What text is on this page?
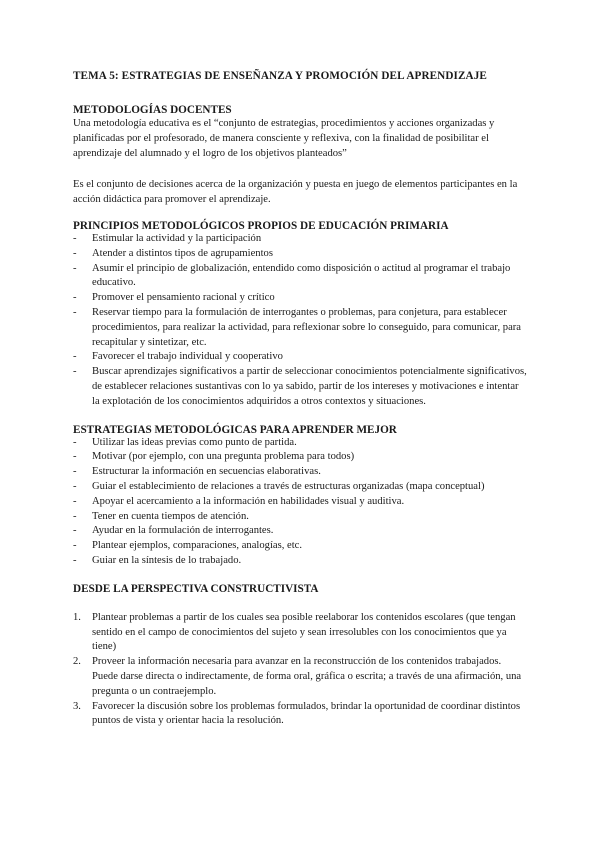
TEMA 5: ESTRATEGIAS DE ENSEÑANZA Y PROMOCIÓN DEL APRENDIZAJE
METODOLOGÍAS DOCENTES

Una metodología educativa es el “conjunto de estrategias, procedimientos y acciones organizadas y planificadas por el profesorado, de manera consciente y reflexiva, con la finalidad de posibilitar el aprendizaje del alumnado y el logro de los objetivos planteados”

Es el conjunto de decisiones acerca de la organización y puesta en juego de elementos participantes en la acción didáctica para promover el aprendizaje.

PRINCIPIOS METODOLÓGICOS PROPIOS DE EDUCACIÓN PRIMARIA
- Estimular la actividad y la participación
- Atender a distintos tipos de agrupamientos
- Asumir el principio de globalización, entendido como disposición o actitud al programar el trabajo educativo.
- Promover el pensamiento racional y crítico
- Reservar tiempo para la formulación de interrogantes o problemas, para conjetura, para establecer procedimientos, para realizar la actividad, para reflexionar sobre lo conseguido, para comunicar, para recapitular y sintetizar, etc.
- Favorecer el trabajo individual y cooperativo
- Buscar aprendizajes significativos a partir de seleccionar conocimientos potencialmente significativos, de establecer relaciones sustantivas con lo ya sabido, partir de los intereses y motivaciones e intentar la explotación de los conocimientos adquiridos a otros contextos y situaciones.
ESTRATEGIAS METODOLÓGICAS PARA APRENDER MEJOR
- Utilizar las ideas previas como punto de partida.
- Motivar (por ejemplo, con una pregunta problema para todos)
- Estructurar la información en secuencias elaborativas.
- Guiar el establecimiento de relaciones a través de estructuras organizadas (mapa conceptual)
- Apoyar el acercamiento a la información en habilidades visual y auditiva.
- Tener en cuenta tiempos de atención.
- Ayudar en la formulación de interrogantes.
- Plantear ejemplos, comparaciones, analogías, etc.
- Guiar en la síntesis de lo trabajado.
DESDE LA PERSPECTIVA CONSTRUCTIVISTA
1. Plantear problemas a partir de los cuales sea posible reelaborar los contenidos escolares (que tengan sentido en el campo de conocimientos del sujeto y sean irresolubles con los conocimientos que ya tiene)
2. Proveer la información necesaria para avanzar en la reconstrucción de los contenidos trabajados. Puede darse directa o indirectamente, de forma oral, gráfica o escrita; a través de una afirmación, una pregunta o un contraejemplo.
3. Favorecer la discusión sobre los problemas formulados, brindar la oportunidad de coordinar distintos puntos de vista y orientar hacia la resolución.
